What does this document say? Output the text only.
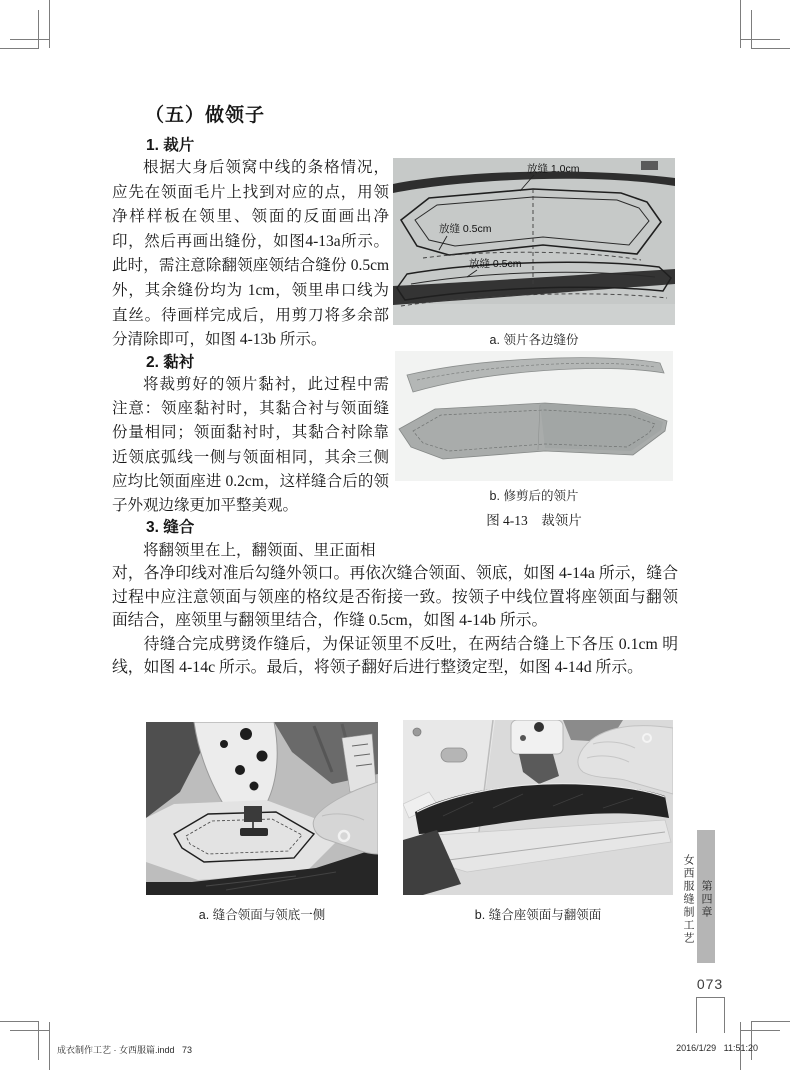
（五）做领子
1. 裁片
根据大身后领窝中线的条格情况，应先在领面毛片上找到对应的点，用领净样样板在领里、领面的反面画出净印，然后再画出缝份，如图4-13a所示。此时，需注意除翻领座领结合缝份 0.5cm 外，其余缝份均为 1cm，领里串口线为直丝。待画样完成后，用剪刀将多余部分清除即可，如图 4-13b 所示。
2. 黏衬
将裁剪好的领片黏衬，此过程中需注意：领座黏衬时，其黏合衬与领面缝份量相同；领面黏衬时，其黏合衬除靠近领底弧线一侧与领面相同，其余三侧应均比领面座进 0.2cm，这样缝合后的领子外观边缘更加平整美观。
3. 缝合
将翻领里在上，翻领面、里正面相

对，各净印线对准后勾缝外领口。再依次缝合领面、领底，如图 4-14a 所示，缝合过程中应注意领面与领座的格纹是否衔接一致。按领子中线位置将座领面与翻领面结合，座领里与翻领里结合，作缝 0.5cm，如图 4-14b 所示。

待缝合完成劈烫作缝后，为保证领里不反吐，在两结合缝上下各压 0.1cm 明线，如图 4-14c 所示。最后，将领子翻好后进行整烫定型，如图 4-14d 所示。

放缝 1.0cm
放缝 0.5cm
放缝 0.5cm
a. 领片各边缝份
b. 修剪后的领片
图 4-13　裁领片
a. 缝合领面与领底一侧	b. 缝合座领面与翻领面	第四章
女西服缝制工艺
073
成衣制作工艺 · 女西服篇.indd   73	2016/1/29   11:51:20
